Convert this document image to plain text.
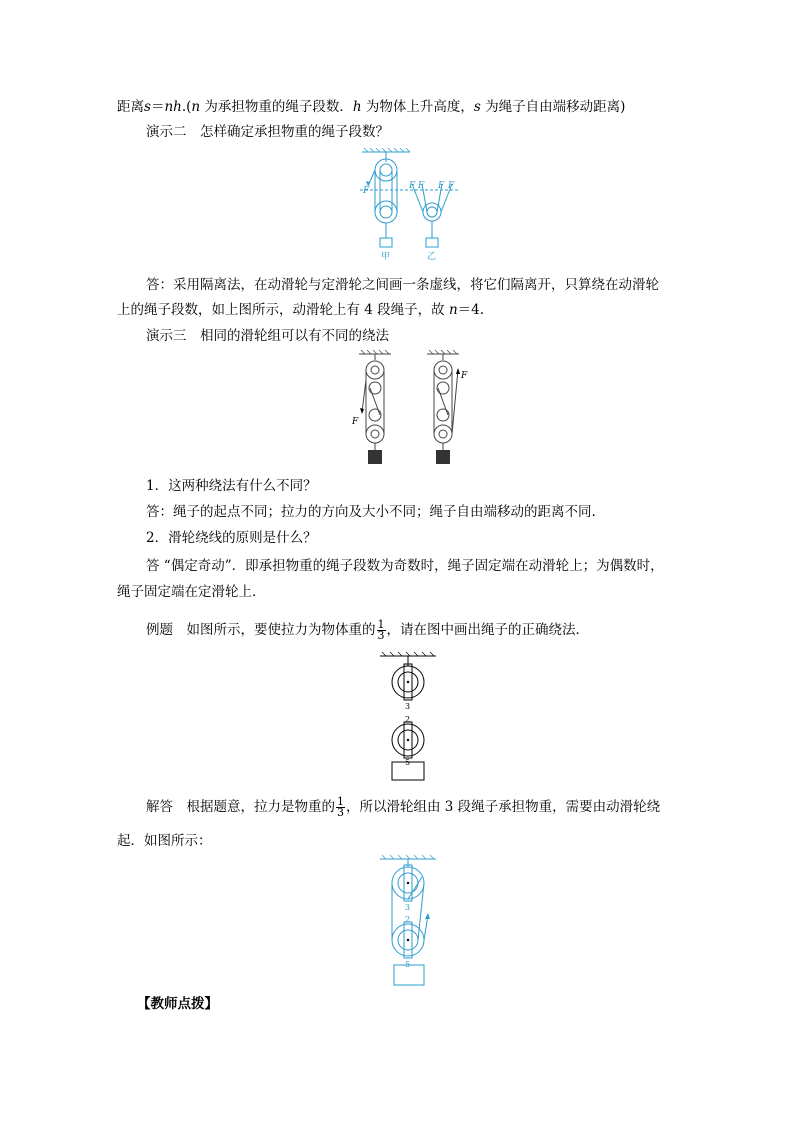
距离s＝nh.(n 为承担物重的绳子段数．h 为物体上升高度，s 为绳子自由端移动距离)
演示二　怎样确定承担物重的绳子段数？
F	F F F F
甲	乙
答：采用隔离法，在动滑轮与定滑轮之间画一条虚线，将它们隔离开，只算绕在动滑轮
上的绳子段数，如上图所示，动滑轮上有 4 段绳子，故 n＝4.
演示三　相同的滑轮组可以有不同的绕法
F
F
1．这两种绕法有什么不同？
答：绳子的起点不同；拉力的方向及大小不同；绳子自由端移动的距离不同.
2．滑轮绕线的原则是什么？
答 “偶定奇动”．即承担物重的绳子段数为奇数时，绳子固定端在动滑轮上；为偶数时，
绳子固定端在定滑轮上．
例题　如图所示，要使拉力为物体重的 $\frac{1}{3}$ ，请在图中画出绳子的正确绕法．
3
2
5
解答　根据题意，拉力是物重的 $\frac{1}{3}$ ，所以滑轮组由 3 段绳子承担物重，需要由动滑轮绕
起．如图所示：
3
2
5
【教师点拨】
